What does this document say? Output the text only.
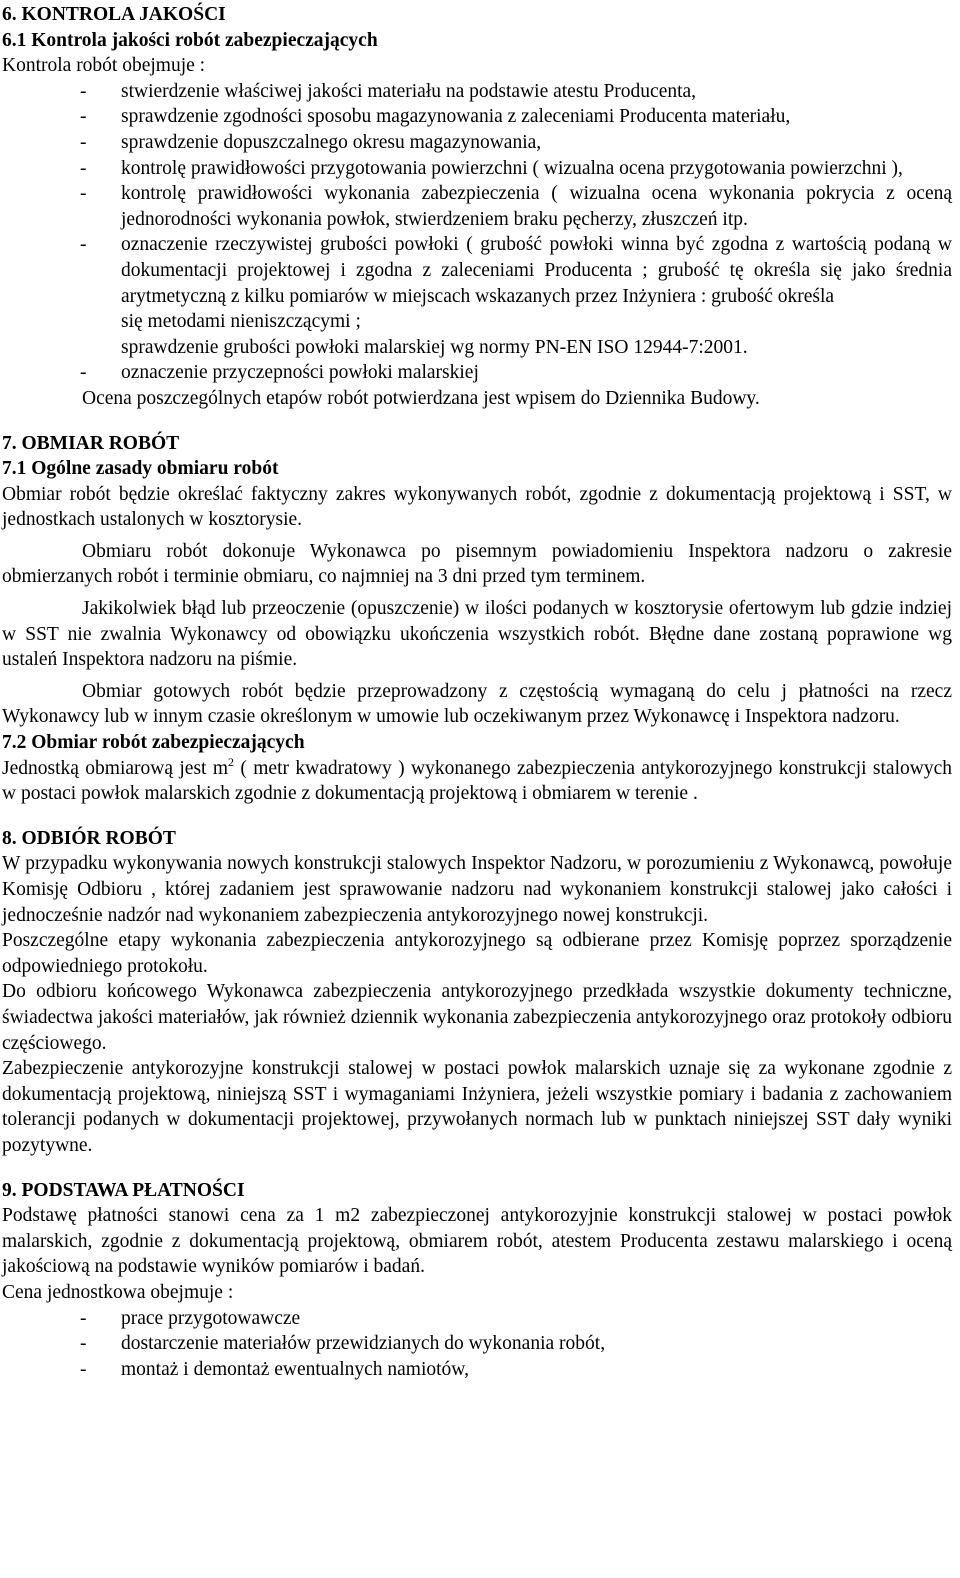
6. KONTROLA JAKOŚCI

6.1 Kontrola jakości robót zabezpieczających

Kontrola robót obejmuje :

- stwierdzenie właściwej jakości materiału na podstawie atestu Producenta,
- sprawdzenie zgodności sposobu magazynowania z zaleceniami Producenta materiału,
- sprawdzenie dopuszczalnego okresu magazynowania,
- kontrolę prawidłowości przygotowania powierzchni ( wizualna ocena przygotowania powierzchni ),
- kontrolę prawidłowości wykonania zabezpieczenia ( wizualna ocena wykonania pokrycia z oceną jednorodności wykonania powłok, stwierdzeniem braku pęcherzy, złuszczeń itp.
- oznaczenie rzeczywistej grubości powłoki ( grubość powłoki winna być zgodna z wartością podaną w dokumentacji projektowej i zgodna z zaleceniami Producenta ; grubość tę określa się jako średnia arytmetyczną z kilku pomiarów w miejscach wskazanych przez Inżyniera : grubość określa
się metodami nieniszczącymi ;
sprawdzenie grubości powłoki malarskiej wg normy PN-EN ISO 12944-7:2001.
- oznaczenie przyczepności powłoki malarskiej

Ocena poszczególnych etapów robót potwierdzana jest wpisem do Dziennika Budowy.

7. OBMIAR ROBÓT

7.1 Ogólne zasady obmiaru robót

Obmiar robót będzie określać faktyczny zakres wykonywanych robót, zgodnie z dokumentacją projektową i SST, w jednostkach ustalonych w kosztorysie.

Obmiaru robót dokonuje Wykonawca po pisemnym powiadomieniu Inspektora nadzoru o zakresie obmierzanych robót i terminie obmiaru, co najmniej na 3 dni przed tym terminem.

Jakikolwiek błąd lub przeoczenie (opuszczenie) w ilości podanych w kosztorysie ofertowym lub gdzie indziej w SST nie zwalnia Wykonawcy od obowiązku ukończenia wszystkich robót. Błędne dane zostaną poprawione wg ustaleń Inspektora nadzoru na piśmie.

Obmiar gotowych robót będzie przeprowadzony z częstością wymaganą do celu j płatności na rzecz Wykonawcy lub w innym czasie określonym w umowie lub oczekiwanym przez Wykonawcę i Inspektora nadzoru.

7.2 Obmiar robót zabezpieczających

Jednostką obmiarową jest $m^2$ ( metr kwadratowy ) wykonanego zabezpieczenia antykorozyjnego konstrukcji stalowych w postaci powłok malarskich zgodnie z dokumentacją projektową i obmiarem w terenie .

8. ODBIÓR ROBÓT

W przypadku wykonywania nowych konstrukcji stalowych Inspektor Nadzoru, w porozumieniu z Wykonawcą, powołuje Komisję Odbioru , której zadaniem jest sprawowanie nadzoru nad wykonaniem konstrukcji stalowej jako całości i jednocześnie nadzór nad wykonaniem zabezpieczenia antykorozyjnego nowej konstrukcji.

Poszczególne etapy wykonania zabezpieczenia antykorozyjnego są odbierane przez Komisję poprzez sporządzenie odpowiedniego protokołu.

Do odbioru końcowego Wykonawca zabezpieczenia antykorozyjnego przedkłada wszystkie dokumenty techniczne, świadectwa jakości materiałów, jak również dziennik wykonania zabezpieczenia antykorozyjnego oraz protokoły odbioru częściowego.

Zabezpieczenie antykorozyjne konstrukcji stalowej w postaci powłok malarskich uznaje się za wykonane zgodnie z dokumentacją projektową, niniejszą SST i wymaganiami Inżyniera, jeżeli wszystkie pomiary i badania z zachowaniem tolerancji podanych w dokumentacji projektowej, przywołanych normach lub w punktach niniejszej SST dały wyniki pozytywne.

9. PODSTAWA PŁATNOŚCI

Podstawę płatności stanowi cena za 1 m2 zabezpieczonej antykorozyjnie konstrukcji stalowej w postaci powłok malarskich, zgodnie z dokumentacją projektową, obmiarem robót, atestem Producenta zestawu malarskiego i oceną jakościową na podstawie wyników pomiarów i badań.

Cena jednostkowa obejmuje :

- prace przygotowawcze
- dostarczenie materiałów przewidzianych do wykonania robót,
- montaż i demontaż ewentualnych namiotów,
